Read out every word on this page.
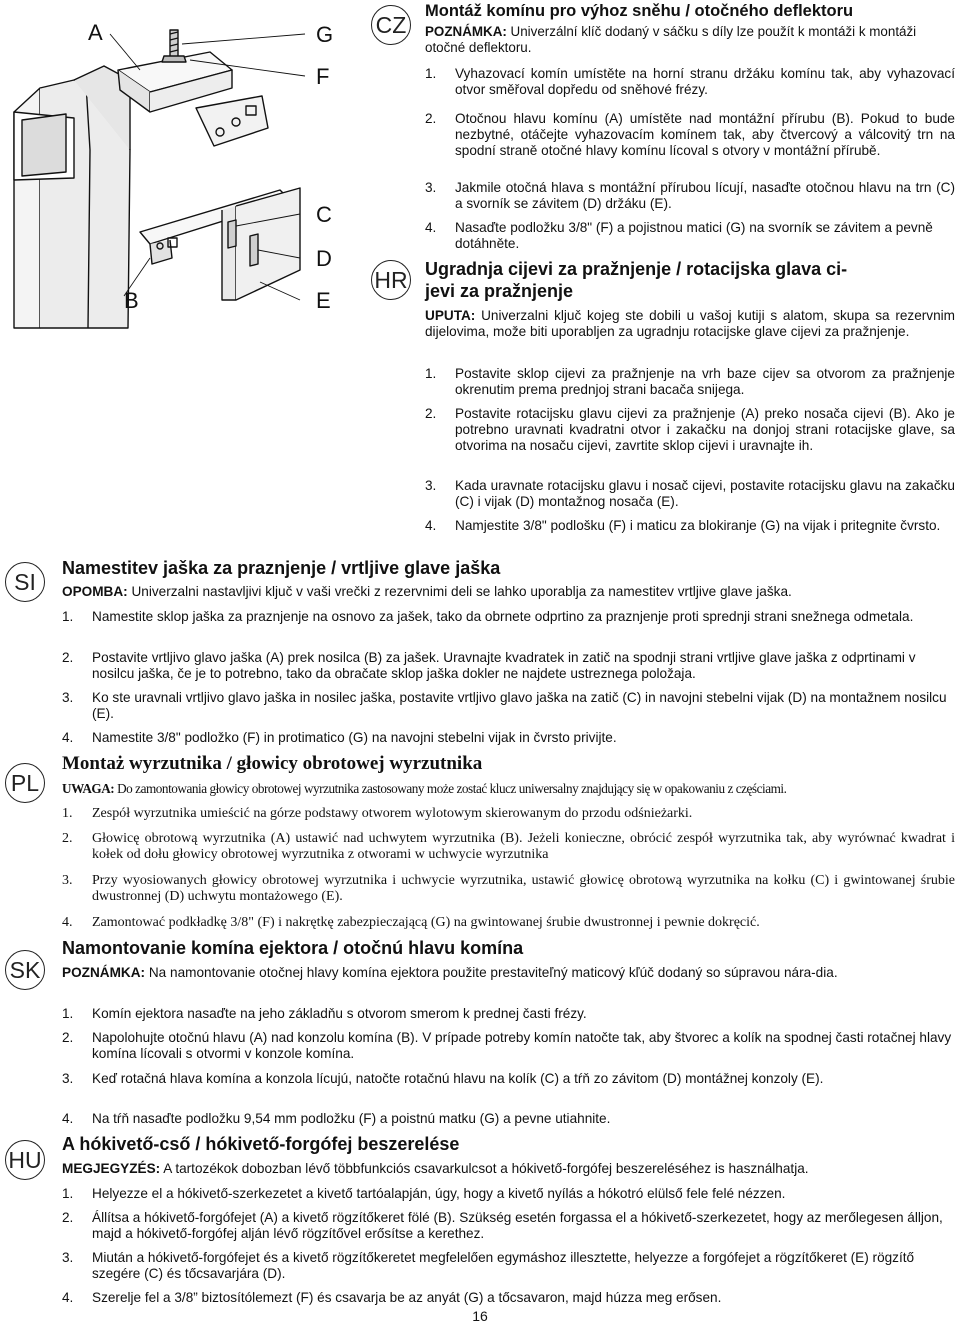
A	G
F
C
D
B	E
CZ
Montáž komínu pro výhoz sněhu / otočného deflektoru
POZNÁMKA: Univerzální klíč dodaný v sáčku s díly lze použít k montáži k montáži otočné deflektoru.
1. Vyhazovací komín umístěte na horní stranu držáku komínu tak, aby vyhazovací otvor směřoval dopředu od sněhové frézy.
2. Otočnou hlavu komínu (A) umístěte nad montážní přírubu (B). Pokud to bude nezbytné, otáčejte vyhazovacím komínem tak, aby čtvercový a válcovitý trn na spodní straně otočné hlavy komínu lícoval s otvory v montážní přírubě.
3. Jakmile otočná hlava s montážní přírubou lícují, nasaďte otočnou hlavu na trn (C) a svorník se závitem (D) držáku (E).
4. Nasaďte podložku 3/8" (F) a pojistnou matici (G) na svorník se závitem a pevně dotáhněte.
HR Ugradnja cijevi za pražnjenje / rotacijska glava ci-
jevi za pražnjenje
UPUTA: Univerzalni ključ kojeg ste dobili u vašoj kutiji s alatom, skupa sa rezervnim dijelovima, može biti uporabljen za ugradnju rotacijske glave cijevi za pražnjenje.
1. Postavite sklop cijevi za pražnjenje na vrh baze cijev sa otvorom za pražnjenje okrenutim prema prednjoj strani bacača snijega.
2. Postavite rotacijsku glavu cijevi za pražnjenje (A) preko nosača cijevi (B). Ako je potrebno uravnati kvadratni otvor i zakačku na donjoj strani rotacijske glave, sa otvorima na nosaču cijevi, zavrtite sklop cijevi i uravnajte ih.
3. Kada uravnate rotacijsku glavu i nosač cijevi, postavite rotacijsku glavu na zakačku (C) i vijak (D) montažnog nosača (E).
4. Namjestite 3/8" podlošku (F) i maticu za blokiranje (G) na vijak i pritegnite čvrsto.
SI
Namestitev jaška za praznjenje / vrtljive glave jaška
OPOMBA: Univerzalni nastavljivi ključ v vaši vrečki z rezervnimi deli se lahko uporablja za namestitev vrtljive glave jaška.
1. Namestite sklop jaška za praznjenje na osnovo za jašek, tako da obrnete odprtino za praznjenje proti sprednji strani snežnega odmetala.
2. Postavite vrtljivo glavo jaška (A) prek nosilca (B) za jašek. Uravnajte kvadratek in zatič na spodnji strani vrtljive glave jaška z odprtinami v nosilcu jaška, če je to potrebno, tako da obračate sklop jaška dokler ne najdete ustreznega položaja.
3. Ko ste uravnali vrtljivo glavo jaška in nosilec jaška, postavite vrtljivo glavo jaška na zatič (C) in navojni stebelni vijak (D) na montažnem nosilcu (E).
4. Namestite 3/8" podložko (F) in protimatico (G) na navojni stebelni vijak in čvrsto privijte.
PL
Montaż wyrzutnika / głowicy obrotowej wyrzutnika
UWAGA: Do zamontowania głowicy obrotowej wyrzutnika zastosowany może zostać klucz uniwersalny znajdujący się w opakowaniu z częściami.
1. Zespół wyrzutnika umieścić na górze podstawy otworem wylotowym skierowanym do przodu odśnieżarki.
2. Głowicę obrotową wyrzutnika (A) ustawić nad uchwytem wyrzutnika (B). Jeżeli konieczne, obrócić zespół wyrzutnika tak, aby wyrównać kwadrat i kołek od dołu głowicy obrotowej wyrzutnika z otworami w uchwycie wyrzutnika
3. Przy wyosiowanych głowicy obrotowej wyrzutnika i uchwycie wyrzutnika, ustawić głowicę obrotową wyrzutnika na kołku (C) i gwintowanej śrubie dwustronnej (D) uchwytu montażowego (E).
4. Zamontować podkładkę 3/8" (F) i nakrętkę zabezpieczającą (G) na gwintowanej śrubie dwustronnej i pewnie dokręcić.
SK
Namontovanie komína ejektora / otočnú hlavu komína
POZNÁMKA: Na namontovanie otočnej hlavy komína ejektora použite prestaviteľný maticový kľúč dodaný so súpravou nára-dia.
1. Komín ejektora nasaďte na jeho základňu s otvorom smerom k prednej časti frézy.
2. Napolohujte otočnú hlavu (A) nad konzolu komína (B). V prípade potreby komín natočte tak, aby štvorec a kolík na spodnej časti rotačnej hlavy komína lícovali s otvormi v konzole komína.
3. Keď rotačná hlava komína a konzola lícujú, natočte rotačnú hlavu na kolík (C) a tŕň zo závitom (D) montážnej konzoly (E).
4. Na tŕň nasaďte podložku 9,54 mm podložku (F) a poistnú matku (G) a pevne utiahnite.
HU
A hókivető-cső / hókivető-forgófej beszerelése
MEGJEGYZÉS: A tartozékok dobozban lévő többfunkciós csavarkulcsot a hókivető-forgófej beszereléséhez is használhatja.
1. Helyezze el a hókivető-szerkezetet a kivető tartóalapján, úgy, hogy a kivető nyílás a hókotró elülső fele felé nézzen.
2. Állítsa a hókivető-forgófejet (A) a kivető rögzítőkeret fölé (B). Szükség esetén forgassa el a hókivető-szerkezetet, hogy az merőlegesen álljon, majd a hókivető-forgófej alján lévő rögzítővel erősítse a kerethez.
3. Miután a hókivető-forgófejet és a kivető rögzítőkeretet megfelelően egymáshoz illesztette, helyezze a forgófejet a rögzítőkeret (E) rögzítő szegére (C) és tőcsavarjára (D).
4. Szerelje fel a 3/8” biztosítólemezt (F) és csavarja be az anyát (G) a tőcsavaron, majd húzza meg erősen.
16
